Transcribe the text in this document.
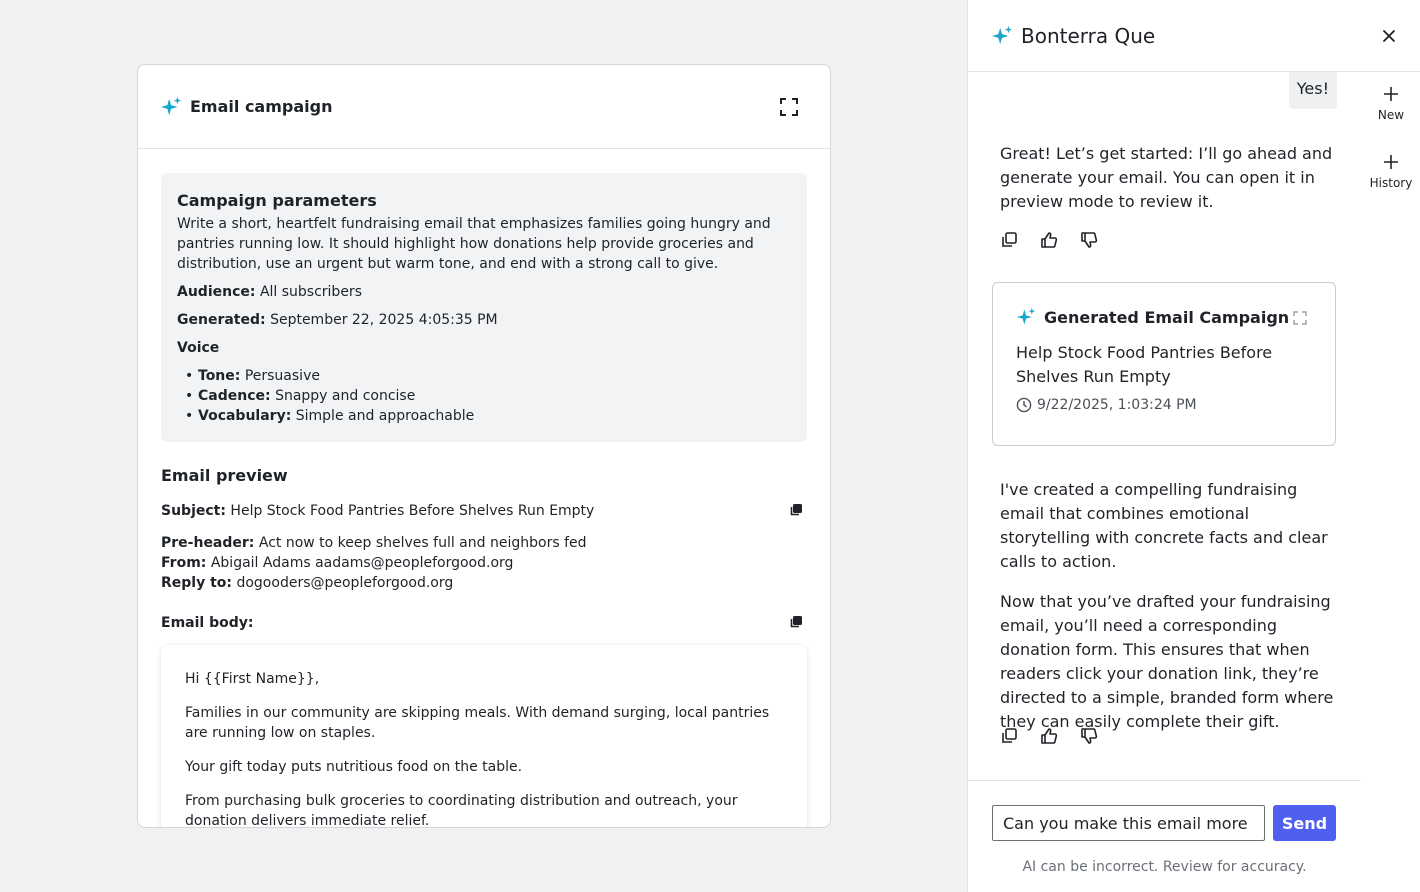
Email campaign
Campaign parameters
Write a short, heartfelt fundraising email that emphasizes families going hungry and pantries running low. It should highlight how donations help provide groceries and distribution, use an urgent but warm tone, and end with a strong call to give.
Audience: All subscribers
Generated: September 22, 2025 4:05:35 PM
Voice
• Tone: Persuasive
• Cadence: Snappy and concise
• Vocabulary: Simple and approachable
Email preview
Subject: Help Stock Food Pantries Before Shelves Run Empty
Pre-header: Act now to keep shelves full and neighbors fed
From: Abigail Adams aadams@peopleforgood.org
Reply to: dogooders@peopleforgood.org
Email body:

Hi {{First Name}},

Families in our community are skipping meals. With demand surging, local pantries are running low on staples.

Your gift today puts nutritious food on the table.

From purchasing bulk groceries to coordinating distribution and outreach, your donation delivers immediate relief.

Bonterra Que
New
History
Yes!

Great! Let’s get started: I’ll go ahead and generate your email. You can open it in preview mode to review it.

Generated Email Campaign
Help Stock Food Pantries Before Shelves Run Empty
9/22/2025, 1:03:24 PM

I've created a compelling fundraising email that combines emotional storytelling with concrete facts and clear calls to action.

Now that you’ve drafted your fundraising email, you’ll need a corresponding donation form. This ensures that when readers click your donation link, they’re directed to a simple, branded form where they can easily complete their gift.

Can you make this email more i...
Send
AI can be incorrect. Review for accuracy.
